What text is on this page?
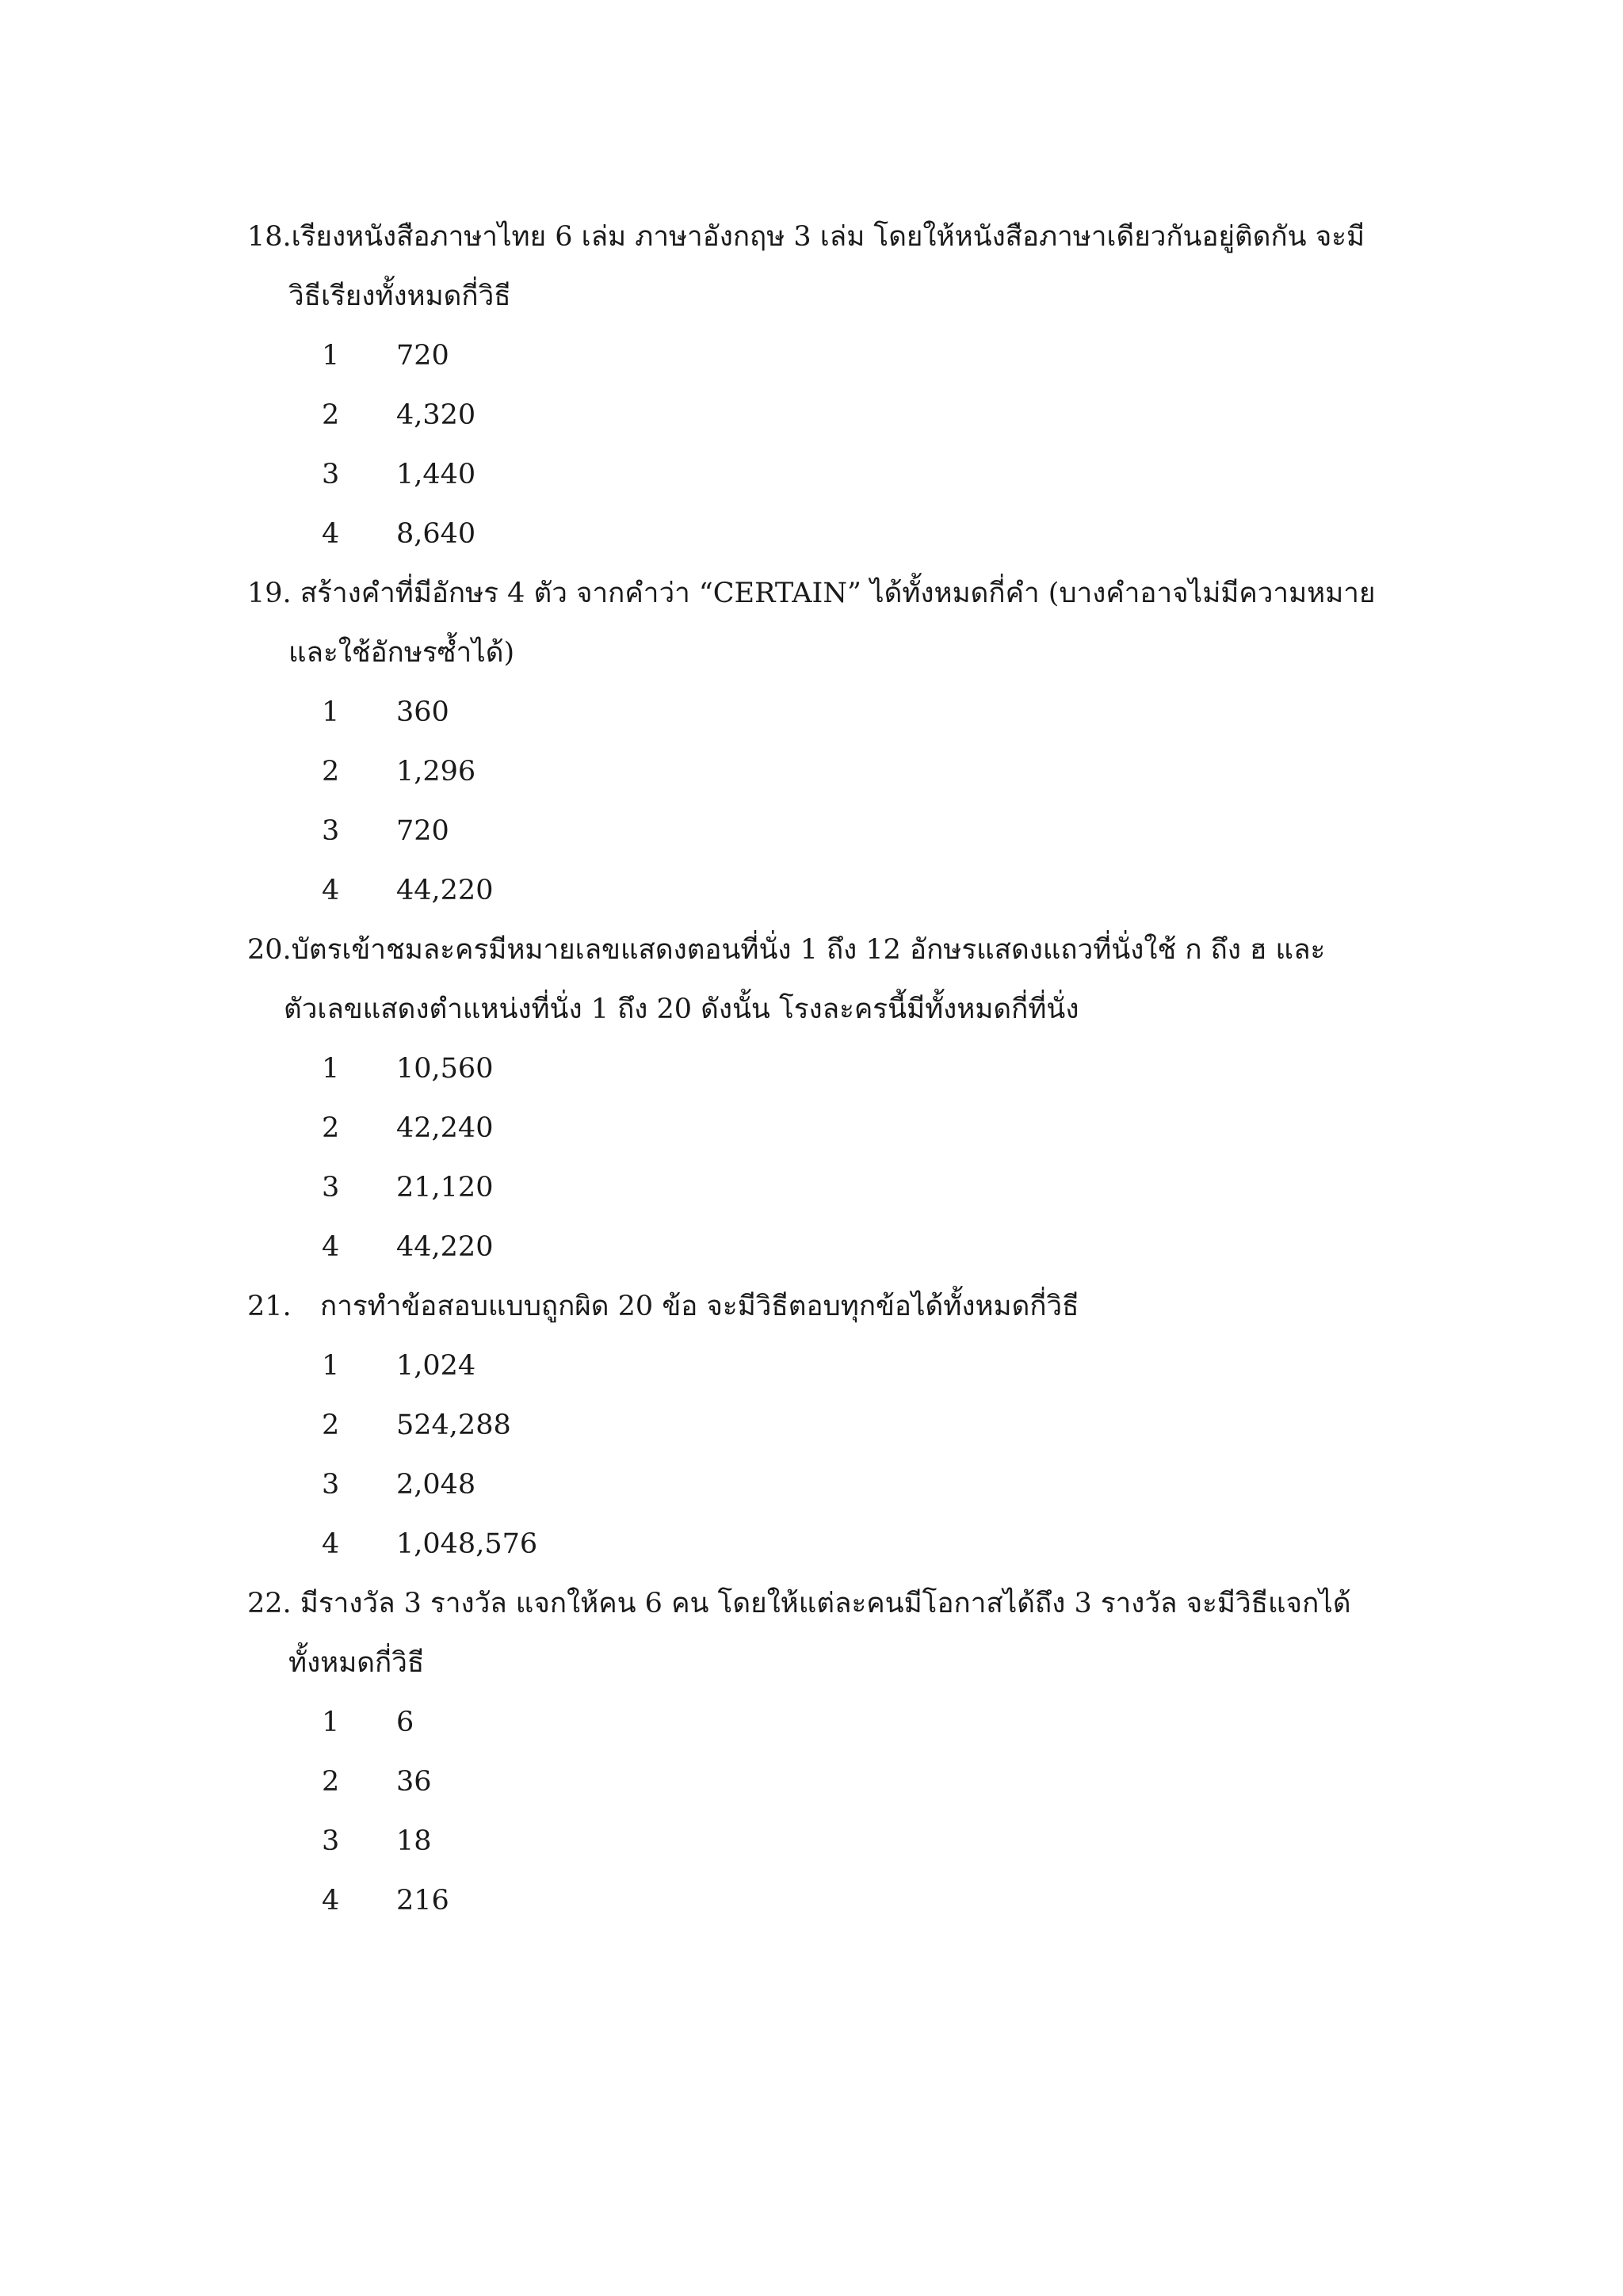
18.เรียงหนังสือภาษาไทย 6 เล่ม ภาษาอังกฤษ 3 เล่ม โดยให้หนังสือภาษาเดียวกันอยู่ติดกัน จะมี
วิธีเรียงทั้งหมดกี่วิธี
1 720
2 4,320
3 1,440
4 8,640
19. สร้างคำที่มีอักษร 4 ตัว จากคำว่า “CERTAIN” ได้ทั้งหมดกี่คำ (บางคำอาจไม่มีความหมาย
และใช้อักษรซ้ำได้)
1 360
2 1,296
3 720
4 44,220
20.บัตรเข้าชมละครมีหมายเลขแสดงตอนที่นั่ง 1 ถึง 12 อักษรแสดงแถวที่นั่งใช้ ก ถึง ฮ และ
ตัวเลขแสดงตำแหน่งที่นั่ง 1 ถึง 20 ดังนั้น โรงละครนี้มีทั้งหมดกี่ที่นั่ง
1 10,560
2 42,240
3 21,120
4 44,220
21. การทำข้อสอบแบบถูกผิด 20 ข้อ จะมีวิธีตอบทุกข้อได้ทั้งหมดกี่วิธี
1 1,024
2 524,288
3 2,048
4 1,048,576
22. มีรางวัล 3 รางวัล แจกให้คน 6 คน โดยให้แต่ละคนมีโอกาสได้ถึง 3 รางวัล จะมีวิธีแจกได้
ทั้งหมดกี่วิธี
1 6
2 36
3 18
4 216
